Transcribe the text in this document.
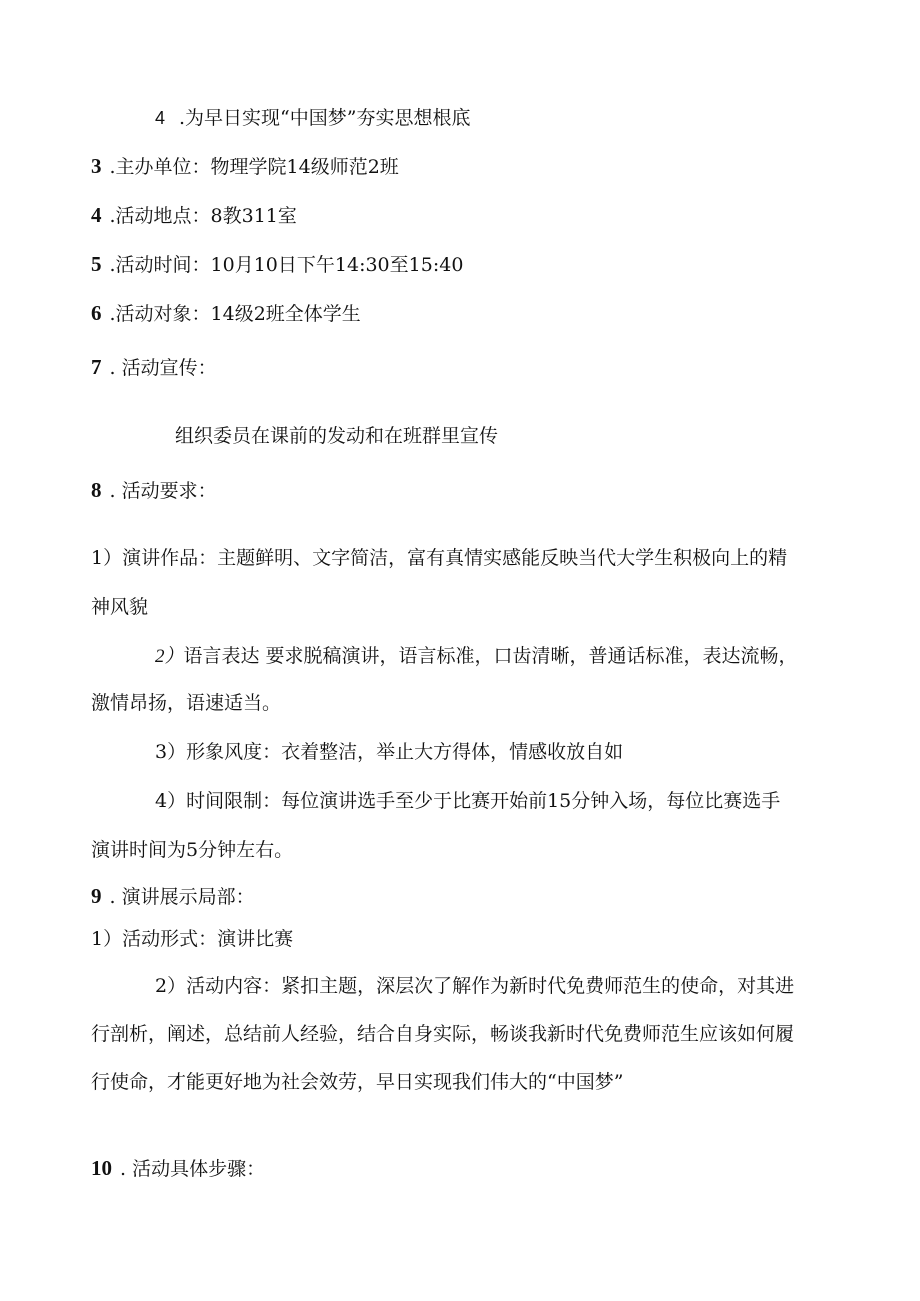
4 .为早日实现“中国梦”夯实思想根底

3 .主办单位：物理学院14级师范2班

4 .活动地点：8教311室

5 .活动时间：10月10日下午14:30至15:40

6 .活动对象：14级2班全体学生

7 . 活动宣传：

组织委员在课前的发动和在班群里宣传

8 . 活动要求：

1）演讲作品：主题鲜明、文字简洁，富有真情实感能反映当代大学生积极向上的精

神风貌

2）语言表达 要求脱稿演讲，语言标准，口齿清晰，普通话标准，表达流畅，

激情昂扬，语速适当。

3）形象风度：衣着整洁，举止大方得体，情感收放自如

4）时间限制：每位演讲选手至少于比赛开始前15分钟入场，每位比赛选手

演讲时间为5分钟左右。

9 . 演讲展示局部：

1）活动形式：演讲比赛

2）活动内容：紧扣主题，深层次了解作为新时代免费师范生的使命，对其进

行剖析，阐述，总结前人经验，结合自身实际，畅谈我新时代免费师范生应该如何履

行使命，才能更好地为社会效劳，早日实现我们伟大的“中国梦”

10 . 活动具体步骤：
